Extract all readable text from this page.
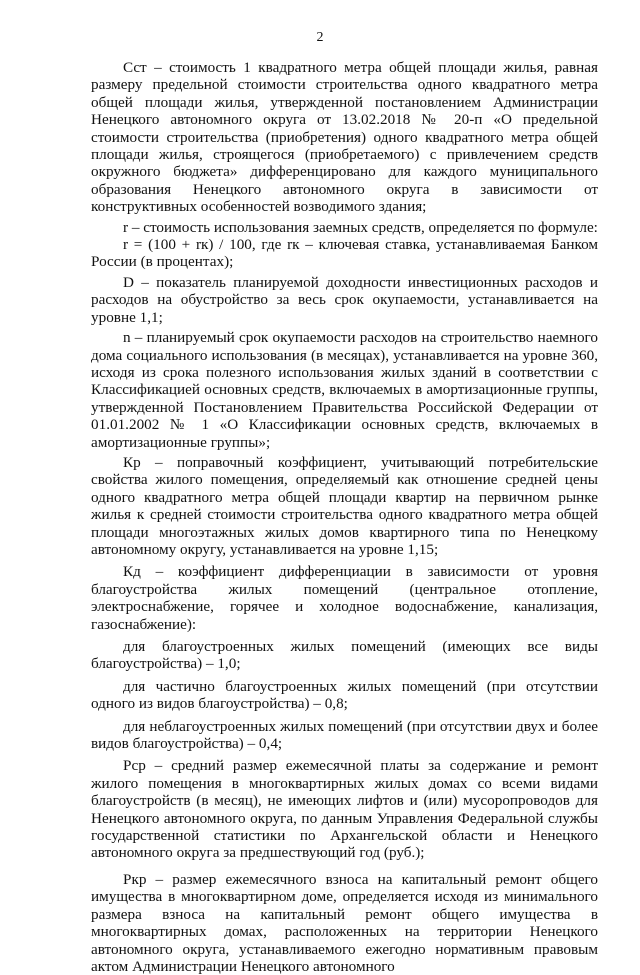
2

Сст – стоимость 1 квадратного метра общей площади жилья, равная размеру предельной стоимости строительства одного квадратного метра общей площади жилья, утвержденной постановлением Администрации Ненецкого автономного округа от 13.02.2018 № 20-п «О предельной стоимости строительства (приобретения) одного квадратного метра общей площади жилья, строящегося (приобретаемого) с привлечением средств окружного бюджета» дифференцировано для каждого муниципального образования Ненецкого автономного округа в зависимости от конструктивных особенностей возводимого здания;

r – стоимость использования заемных средств, определяется по формуле:

r = (100 + rк) / 100, где rк – ключевая ставка, устанавливаемая Банком России (в процентах);

D – показатель планируемой доходности инвестиционных расходов и расходов на обустройство за весь срок окупаемости, устанавливается на уровне 1,1;

n – планируемый срок окупаемости расходов на строительство наемного дома социального использования (в месяцах), устанавливается на уровне 360, исходя из срока полезного использования жилых зданий в соответствии с Классификацией основных средств, включаемых в амортизационные группы, утвержденной Постановлением Правительства Российской Федерации от 01.01.2002 № 1 «О Классификации основных средств, включаемых в амортизационные группы»;

Кр – поправочный коэффициент, учитывающий потребительские свойства жилого помещения, определяемый как отношение средней цены одного квадратного метра общей площади квартир на первичном рынке жилья к средней стоимости строительства одного квадратного метра общей площади многоэтажных жилых домов квартирного типа по Ненецкому автономному округу, устанавливается на уровне 1,15;

Кд – коэффициент дифференциации в зависимости от уровня благоустройства жилых помещений (центральное отопление, электроснабжение, горячее и холодное водоснабжение, канализация, газоснабжение):

для благоустроенных жилых помещений (имеющих все виды благоустройства) – 1,0;

для частично благоустроенных жилых помещений (при отсутствии одного из видов благоустройства) – 0,8;

для неблагоустроенных жилых помещений (при отсутствии двух и более видов благоустройства) – 0,4;

Рср – средний размер ежемесячной платы за содержание и ремонт жилого помещения в многоквартирных жилых домах со всеми видами благоустройств (в месяц), не имеющих лифтов и (или) мусоропроводов для Ненецкого автономного округа, по данным Управления Федеральной службы государственной статистики по Архангельской области и Ненецкого автономного округа за предшествующий год (руб.);

Ркр – размер ежемесячного взноса на капитальный ремонт общего имущества в многоквартирном доме, определяется исходя из минимального размера взноса на капитальный ремонт общего имущества в многоквартирных домах, расположенных на территории Ненецкого автономного округа, устанавливаемого ежегодно нормативным правовым актом Администрации Ненецкого автономного
